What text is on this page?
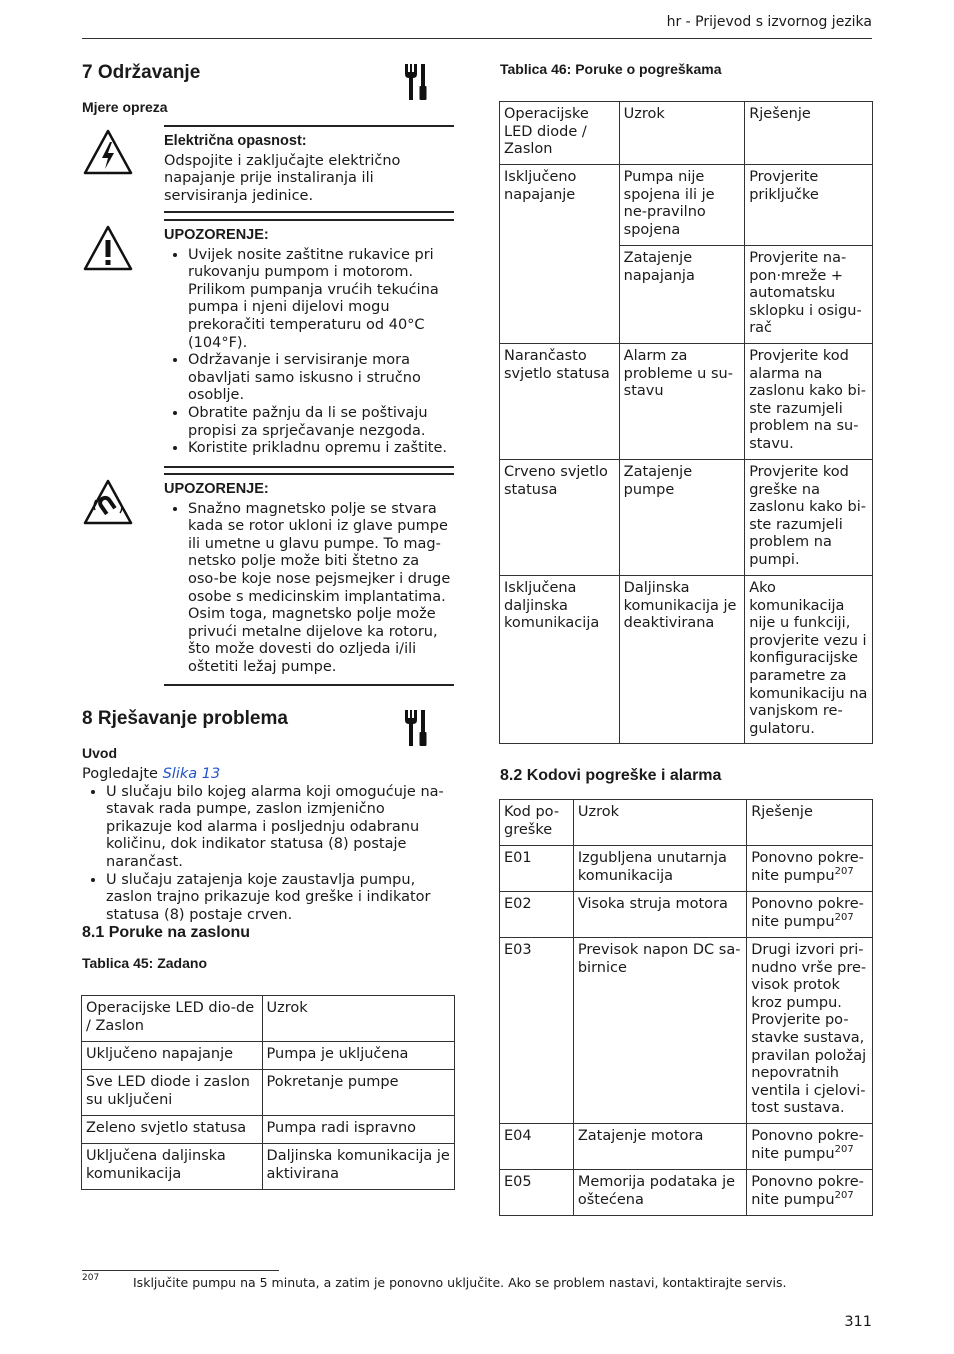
hr - Prijevod s izvornog jezika
7 Održavanje
Mjere opreza
Električna opasnost:

Odspojite i zaključajte električno napajanje prije instaliranja ili servisiranja jedinice.

UPOZORENJE:
• Uvijek nosite zaštitne rukavice pri rukovanju pumpom i motorom. Prilikom pumpanja vrućih tekućina pumpa i njeni dijelovi mogu prekoračiti temperaturu od 40°C (104°F).
• Održavanje i servisiranje mora obavljati samo iskusno i stručno osoblje.
• Obratite pažnju da li se poštivaju propisi za sprječavanje nezgoda.
• Koristite prikladnu opremu i zaštite.
UPOZORENJE:
• Snažno magnetsko polje se stvara kada se rotor ukloni iz glave pumpe ili umetne u glavu pumpe. To mag-netsko polje može biti štetno za oso-be koje nose pejsmejker i druge osobe s medicinskim implantatima. Osim toga, magnetsko polje može privući metalne dijelove ka rotoru, što može dovesti do ozljeda i/ili oštetiti ležaj pumpe.
8 Rješavanje problema
Uvod

Pogledajte Slika 13

• U slučaju bilo kojeg alarma koji omogućuje na-stavak rada pumpe, zaslon izmjenično prikazuje kod alarma i posljednju odabranu količinu, dok indikator statusa (8) postaje narančast.
• U slučaju zatajenja koje zaustavlja pumpu, zaslon trajno prikazuje kod greške i indikator statusa (8) postaje crven.
8.1 Poruke na zaslonu
Tablica 45: Zadano
Operacijske LED dio-de / Zaslon	Uzrok
Uključeno napajanje	Pumpa je uključena
Sve LED diode i zaslon su uključeni	Pokretanje pumpe
Zeleno svjetlo statusa	Pumpa radi ispravno
Uključena daljinska komunikacija	Daljinska komunikacija je aktivirana
Tablica 46: Poruke o pogreškama
Operacijske LED diode / Zaslon	Uzrok	Rješenje
Isključeno napajanje	Pumpa nije spojena ili je ne-pravilno spojena	Provjerite priključke
	Zatajenje napajanja	Provjerite na-pon·mreže + automatsku sklopku i osigu-rač
Narančasto svjetlo statusa	Alarm za probleme u su-stavu	Provjerite kod alarma na zaslonu kako bi-ste razumjeli problem na su-stavu.
Crveno svjetlo statusa	Zatajenje pumpe	Provjerite kod greške na zaslonu kako bi-ste razumjeli problem na pumpi.
Isključena daljinska komunikacija	Daljinska komunikacija je deaktivirana	Ako komunikacija nije u funkciji, provjerite vezu i konfiguracijske parametre za komunikaciju na vanjskom re-gulatoru.
8.2 Kodovi pogreške i alarma
Kod po-greške	Uzrok	Rješenje
E01	Izgubljena unutarnja komunikacija	Ponovno pokre-nite pumpu$^{207}$
E02	Visoka struja motora	Ponovno pokre-nite pumpu$^{207}$
E03	Previsok napon DC sa-birnice	Drugi izvori pri-nudno vrše pre-visok protok kroz pumpu. Provjerite po-stavke sustava, pravilan položaj nepovratnih ventila i cjelovi-tost sustava.
E04	Zatajenje motora	Ponovno pokre-nite pumpu$^{207}$
E05	Memorija podataka je oštećena	Ponovno pokre-nite pumpu$^{207}$
207	Isključite pumpu na 5 minuta, a zatim je ponovno uključite. Ako se problem nastavi, kontaktirajte servis.
311
